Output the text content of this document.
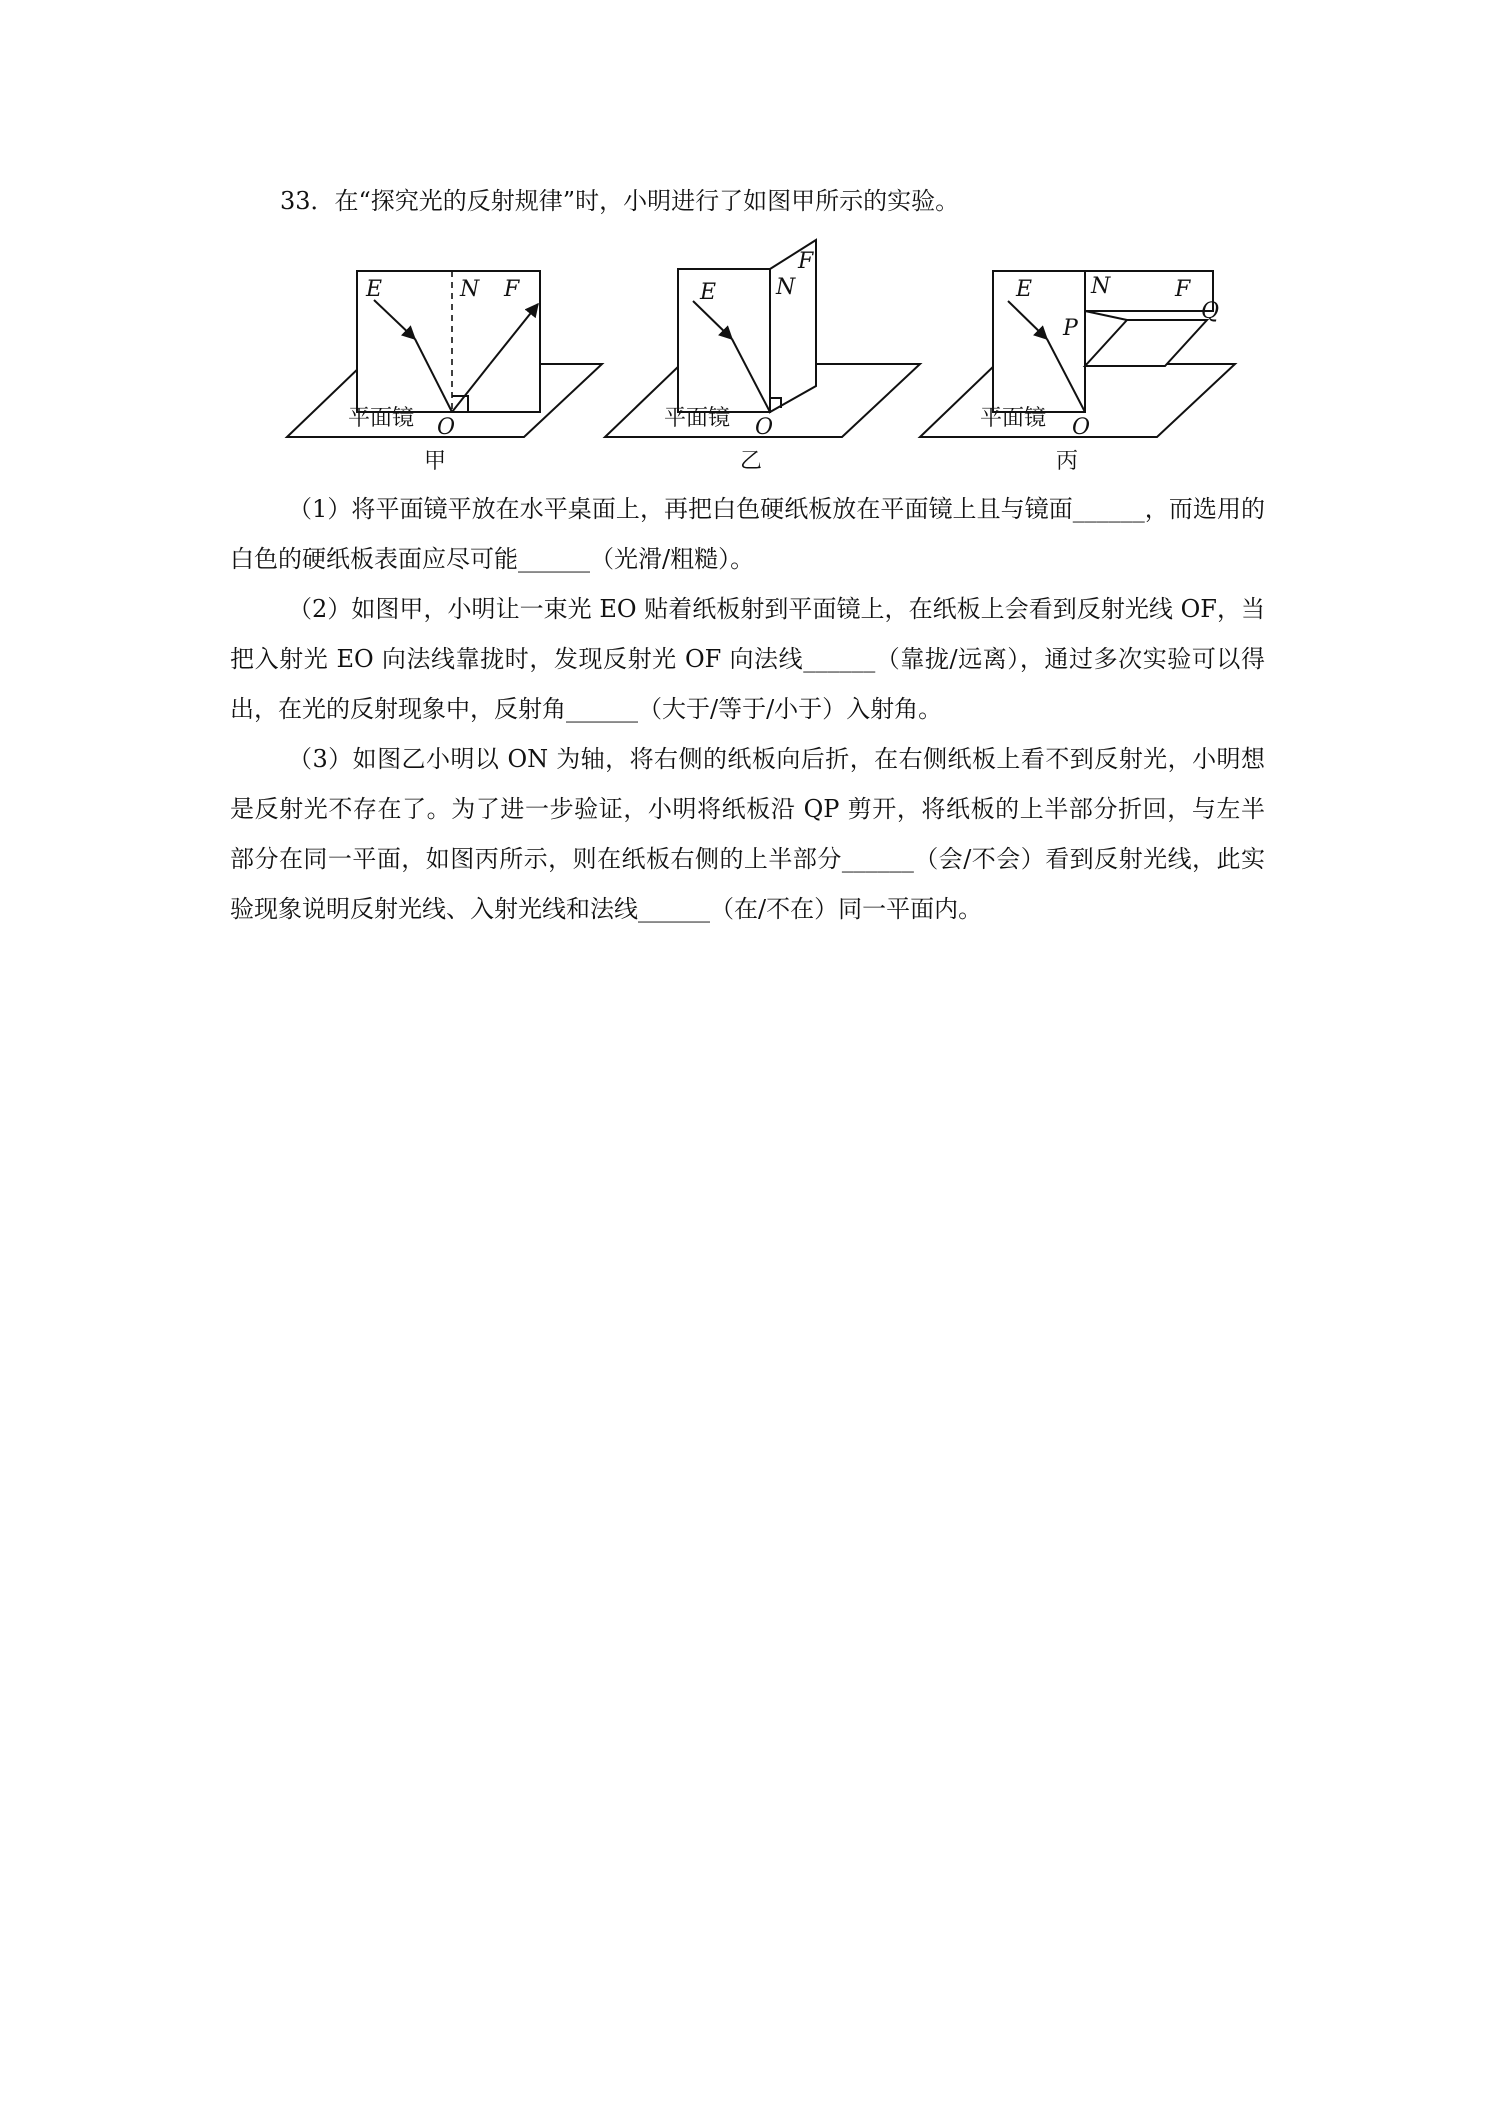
33．在“探究光的反射规律”时，小明进行了如图甲所示的实验。
E	N F
O
平面镜
甲
E	N
F
O
平面镜
乙
E	N	F
P
Q
O
平面镜
丙
（1）将平面镜平放在水平桌面上，再把白色硬纸板放在平面镜上且与镜面______，而选用的白色的硬纸板表面应尽可能______（光滑/粗糙）。
（2）如图甲，小明让一束光 EO 贴着纸板射到平面镜上，在纸板上会看到反射光线 OF，当把入射光 EO 向法线靠拢时，发现反射光 OF 向法线______（靠拢/远离），通过多次实验可以得出，在光的反射现象中，反射角______（大于/等于/小于）入射角。
（3）如图乙小明以 ON 为轴，将右侧的纸板向后折，在右侧纸板上看不到反射光，小明想是反射光不存在了。为了进一步验证，小明将纸板沿 QP 剪开，将纸板的上半部分折回，与左半部分在同一平面，如图丙所示，则在纸板右侧的上半部分______（会/不会）看到反射光线，此实验现象说明反射光线、入射光线和法线______（在/不在）同一平面内。
